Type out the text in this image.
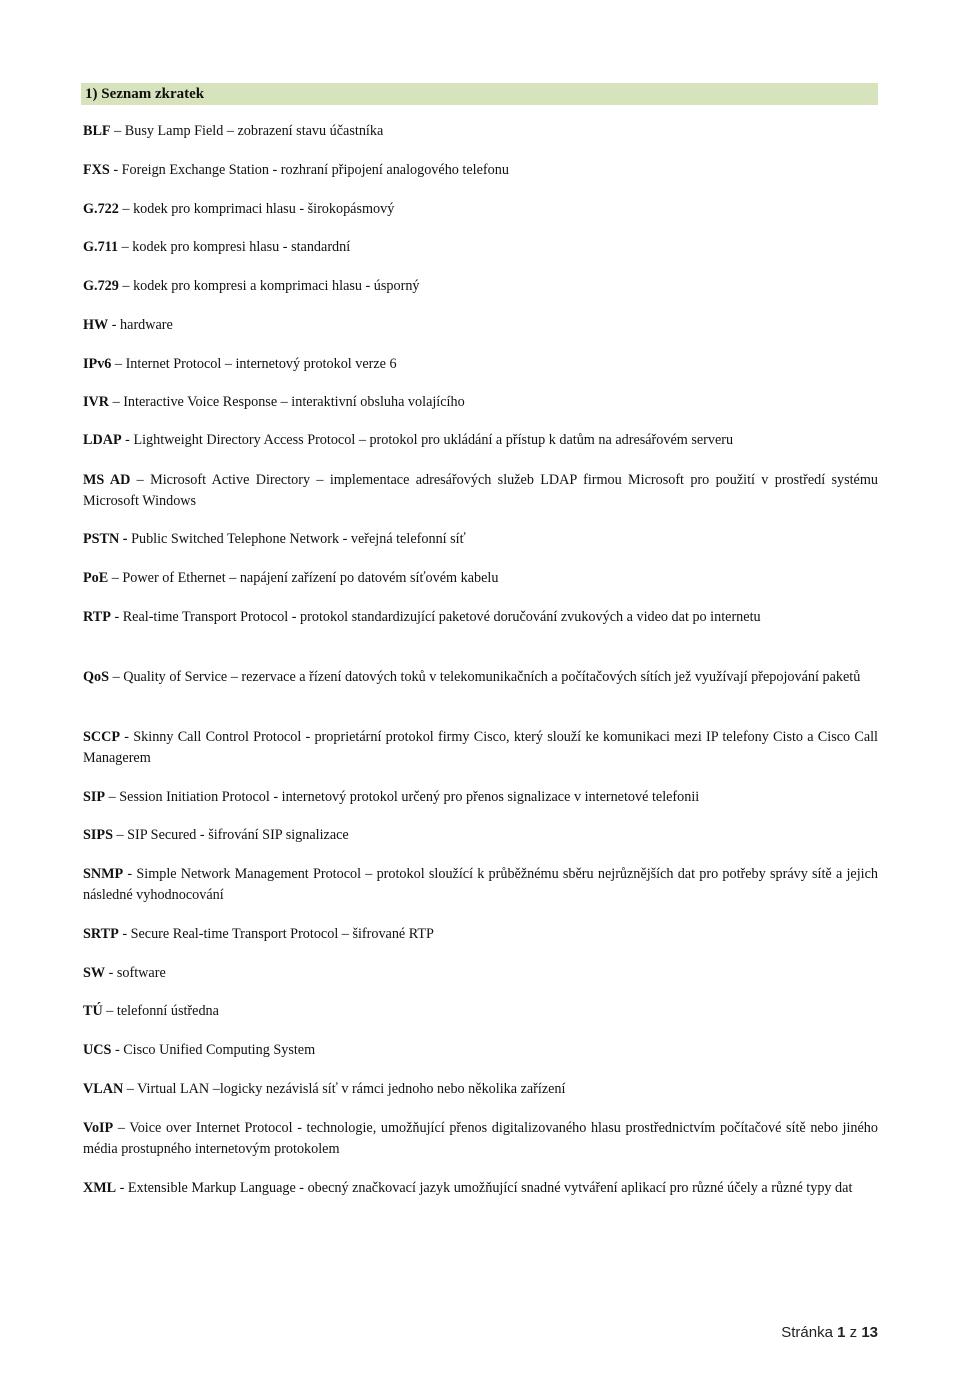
1) Seznam zkratek
BLF – Busy Lamp Field – zobrazení stavu účastníka
FXS - Foreign Exchange Station - rozhraní připojení analogového telefonu
G.722 – kodek pro komprimaci hlasu - širokopásmový
G.711 – kodek pro kompresi hlasu - standardní
G.729 – kodek pro kompresi a komprimaci hlasu - úsporný
HW - hardware
IPv6 – Internet Protocol – internetový protokol verze 6
IVR – Interactive Voice Response – interaktivní obsluha volajícího
LDAP - Lightweight Directory Access Protocol – protokol pro ukládání a přístup k datům na adresářovém serveru
MS AD – Microsoft Active Directory – implementace adresářových služeb LDAP firmou Microsoft pro použití v prostředí systému Microsoft Windows
PSTN - Public Switched Telephone Network - veřejná telefonní síť
PoE – Power of Ethernet – napájení zařízení po datovém síťovém kabelu
RTP - Real-time Transport Protocol - protokol standardizující paketové doručování zvukových a video dat po internetu
QoS – Quality of Service – rezervace a řízení datových toků v telekomunikačních a počítačových sítích jež využívají přepojování paketů
SCCP - Skinny Call Control Protocol - proprietární protokol firmy Cisco, který slouží ke komunikaci mezi IP telefony Cisto a Cisco Call Managerem
SIP – Session Initiation Protocol - internetový protokol určený pro přenos signalizace v internetové telefonii
SIPS – SIP Secured - šifrování SIP signalizace
SNMP - Simple Network Management Protocol – protokol sloužící k průběžnému sběru nejrůznějších dat pro potřeby správy sítě a jejich následné vyhodnocování
SRTP - Secure Real-time Transport Protocol – šifrované RTP
SW - software
TÚ – telefonní ústředna
UCS - Cisco Unified Computing System
VLAN – Virtual LAN –logicky nezávislá síť v rámci jednoho nebo několika zařízení
VoIP – Voice over Internet Protocol - technologie, umožňující přenos digitalizovaného hlasu prostřednictvím počítačové sítě nebo jiného média prostupného internetovým protokolem
XML - Extensible Markup Language - obecný značkovací jazyk umožňující snadné vytváření aplikací pro různé účely a různé typy dat
Stránka 1 z 13
